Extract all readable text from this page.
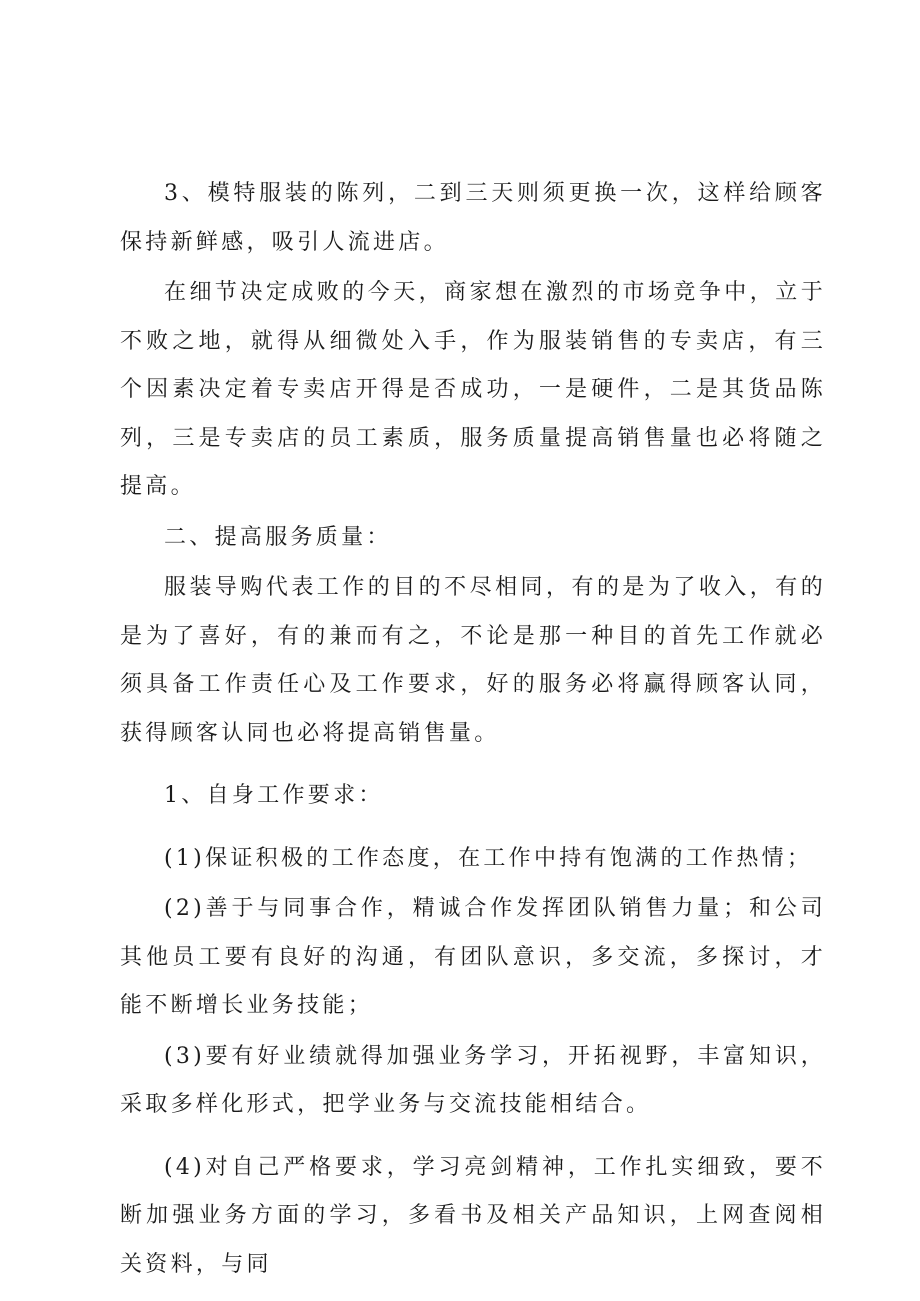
3、模特服装的陈列，二到三天则须更换一次，这样给顾客保持新鲜感，吸引人流进店。

在细节决定成败的今天，商家想在激烈的市场竞争中，立于不败之地，就得从细微处入手，作为服装销售的专卖店，有三个因素决定着专卖店开得是否成功，一是硬件，二是其货品陈列，三是专卖店的员工素质，服务质量提高销售量也必将随之提高。

二、提高服务质量：

服装导购代表工作的目的不尽相同，有的是为了收入，有的是为了喜好，有的兼而有之，不论是那一种目的首先工作就必须具备工作责任心及工作要求，好的服务必将赢得顾客认同，获得顾客认同也必将提高销售量。

1、自身工作要求：

(1)保证积极的工作态度，在工作中持有饱满的工作热情；

(2)善于与同事合作，精诚合作发挥团队销售力量；和公司其他员工要有良好的沟通，有团队意识，多交流，多探讨，才能不断增长业务技能；

(3)要有好业绩就得加强业务学习，开拓视野，丰富知识，采取多样化形式，把学业务与交流技能相结合。

(4)对自己严格要求，学习亮剑精神，工作扎实细致，要不断加强业务方面的学习，多看书及相关产品知识，上网查阅相关资料，与同
